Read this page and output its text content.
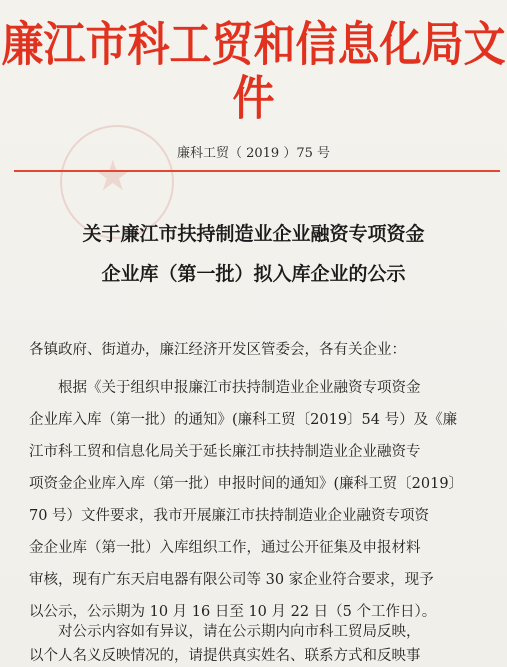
廉江市科工贸和信息化局文件
★	廉科工贸（ 2019 ）75 号
关于廉江市扶持制造业企业融资专项资金
企业库（第一批）拟入库企业的公示
各镇政府、街道办，廉江经济开发区管委会，各有关企业：
根据《关于组织申报廉江市扶持制造业企业融资专项资金
企业库入库（第一批）的通知》(廉科工贸〔2019〕54 号）及《廉
江市科工贸和信息化局关于延长廉江市扶持制造业企业融资专
项资金企业库入库（第一批）申报时间的通知》(廉科工贸〔2019〕
70 号）文件要求，我市开展廉江市扶持制造业企业融资专项资
金企业库（第一批）入库组织工作，通过公开征集及申报材料
审核，现有广东天启电器有限公司等 30 家企业符合要求，现予
以公示，公示期为 10 月 16 日至 10 月 22 日（5 个工作日）。
对公示内容如有异议，请在公示期内向市科工贸局反映，
以个人名义反映情况的，请提供真实姓名、联系方式和反映事
